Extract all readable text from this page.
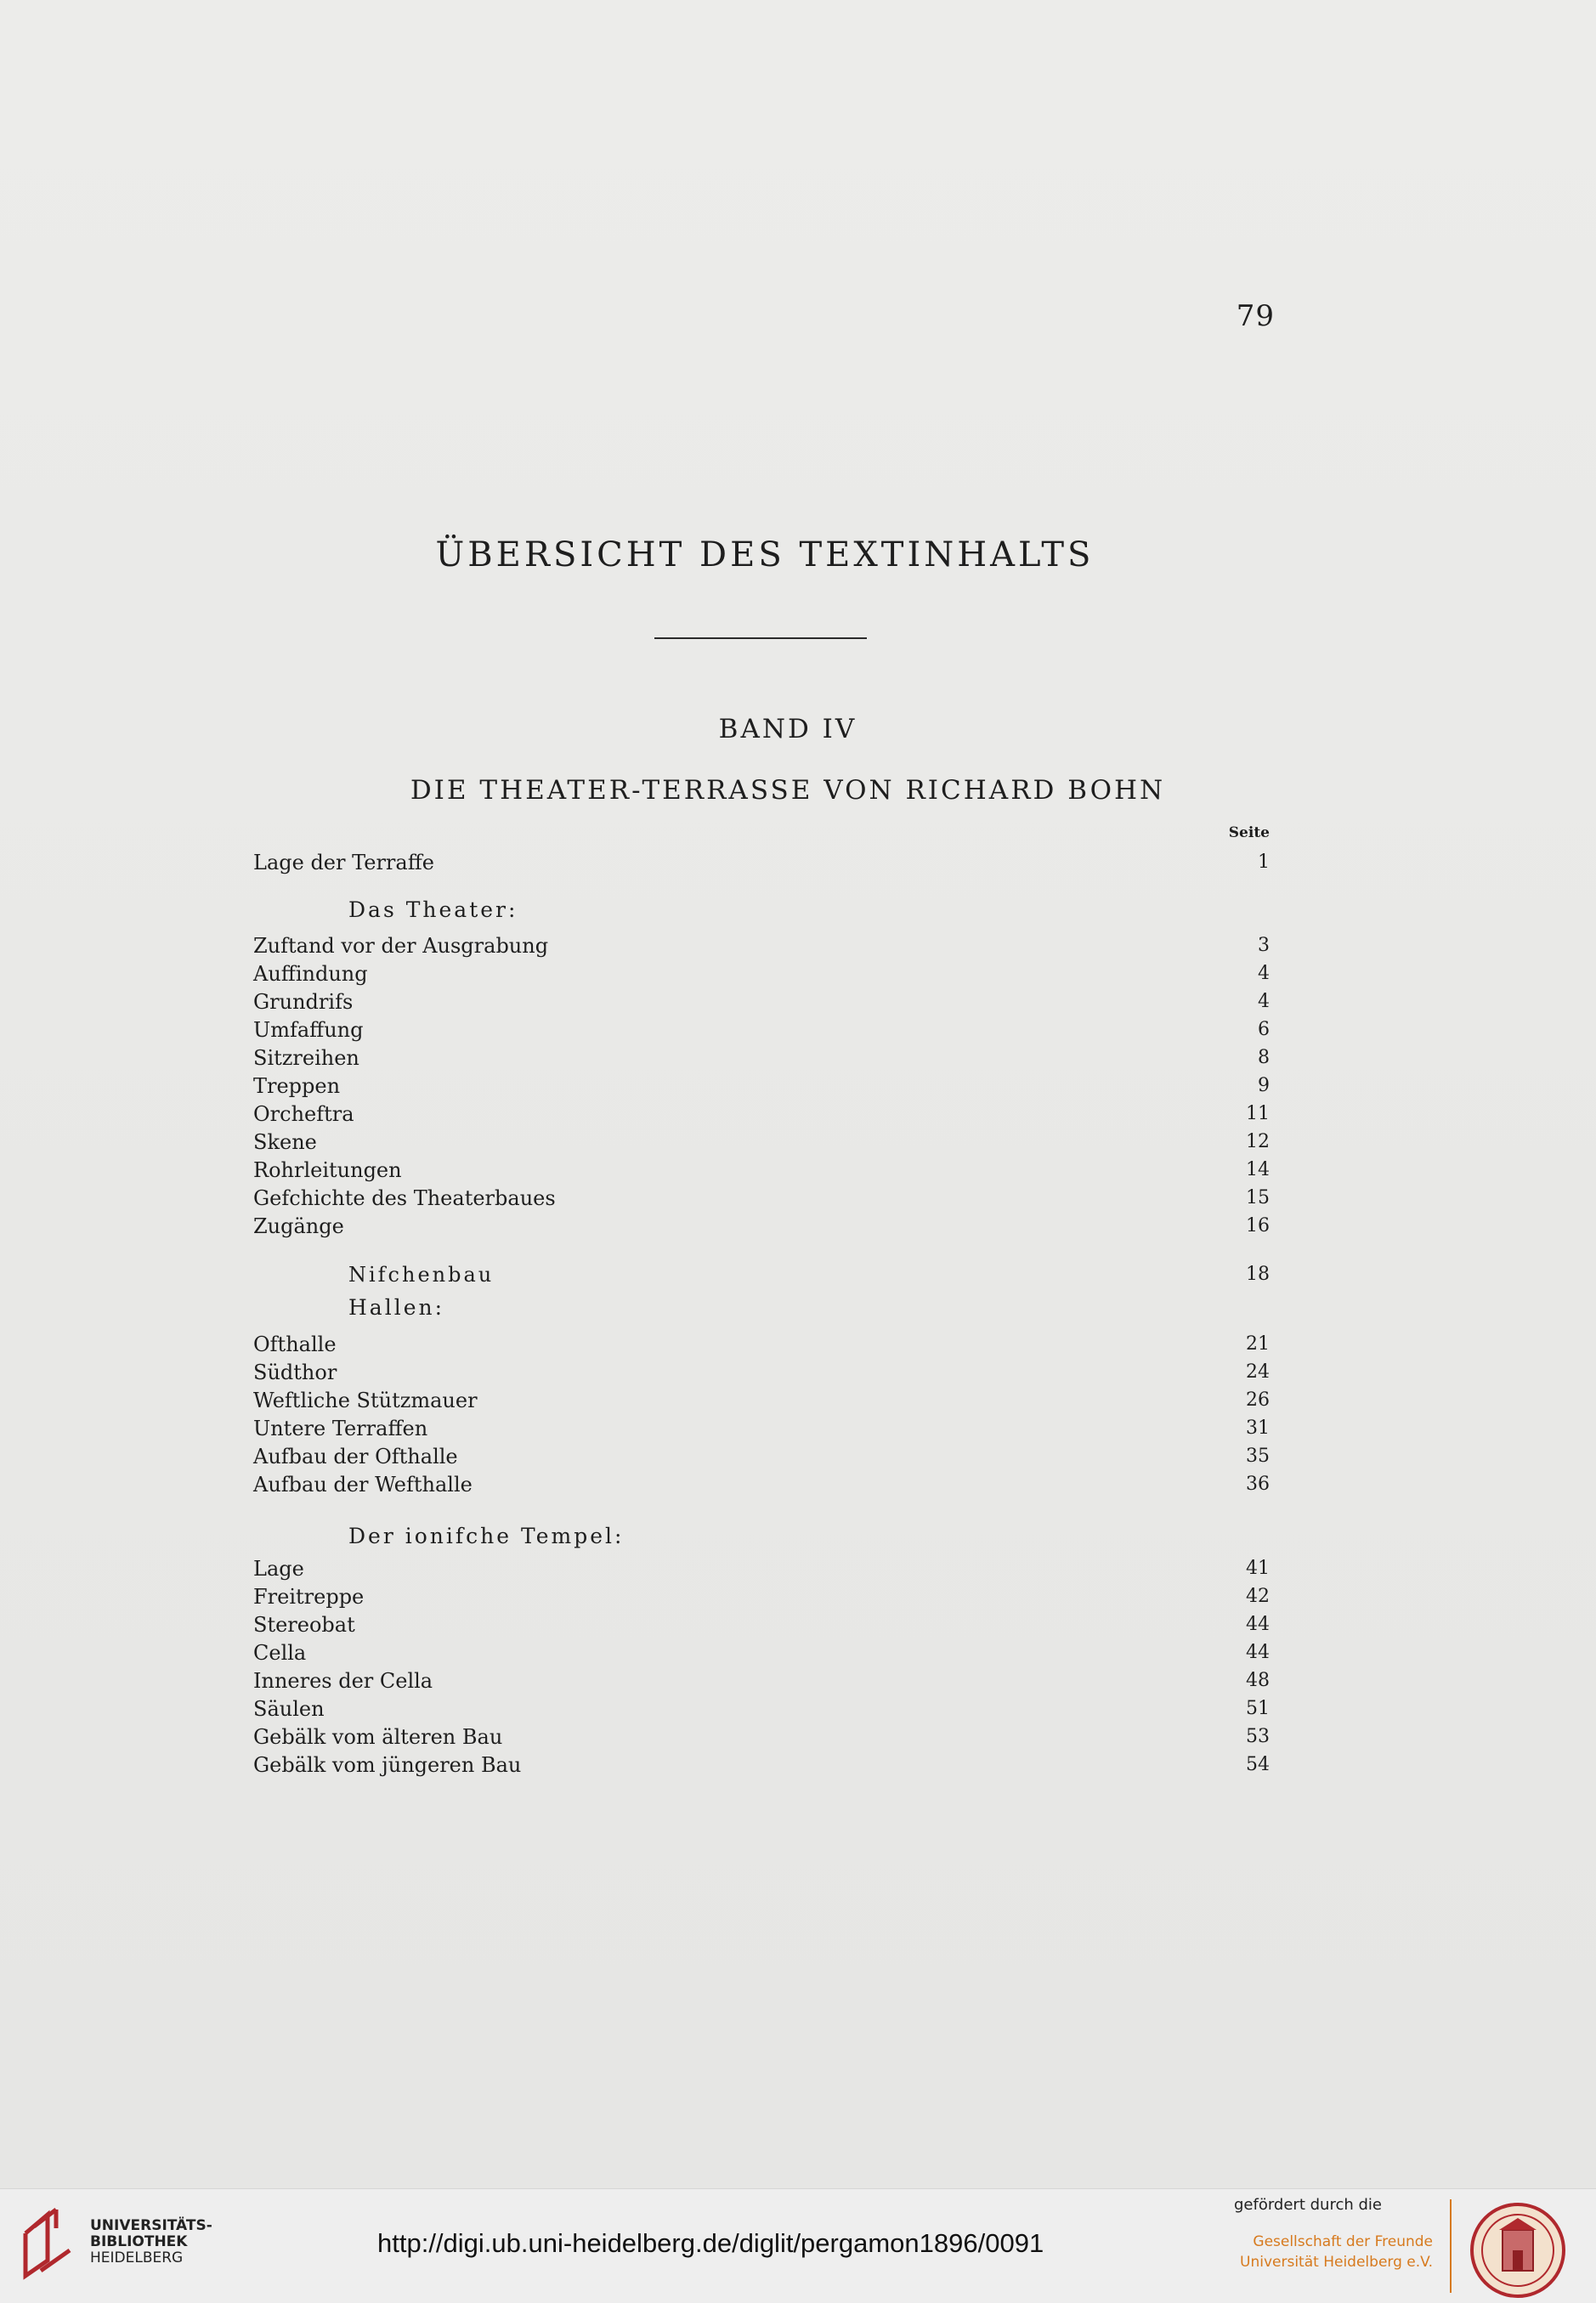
79
ÜBERSICHT DES TEXTINHALTS
BAND IV
DIE THEATER-TERRASSE VON RICHARD BOHN
Seite
Lage der Terraffe	1
Das Theater:
Zuftand vor der Ausgrabung	3
Auffindung	4
Grundrifs	4
Umfaffung	6
Sitzreihen	8
Treppen	9
Orcheftra	11
Skene	12
Rohrleitungen	14
Gefchichte des Theaterbaues	15
Zugänge	16
Nifchenbau	18
Hallen:
Ofthalle	21
Südthor	24
Weftliche Stützmauer	26
Untere Terraffen	31
Aufbau der Ofthalle	35
Aufbau der Wefthalle	36
Der ionifche Tempel:
Lage	41
Freitreppe	42
Stereobat	44
Cella	44
Inneres der Cella	48
Säulen	51
Gebälk vom älteren Bau	53
Gebälk vom jüngeren Bau	54
UNIVERSITÄTS-
BIBLIOTHEK
HEIDELBERG	http://digi.ub.uni-heidelberg.de/diglit/pergamon1896/0091
gefördert durch die
Gesellschaft der Freunde
Universität Heidelberg e.V.
